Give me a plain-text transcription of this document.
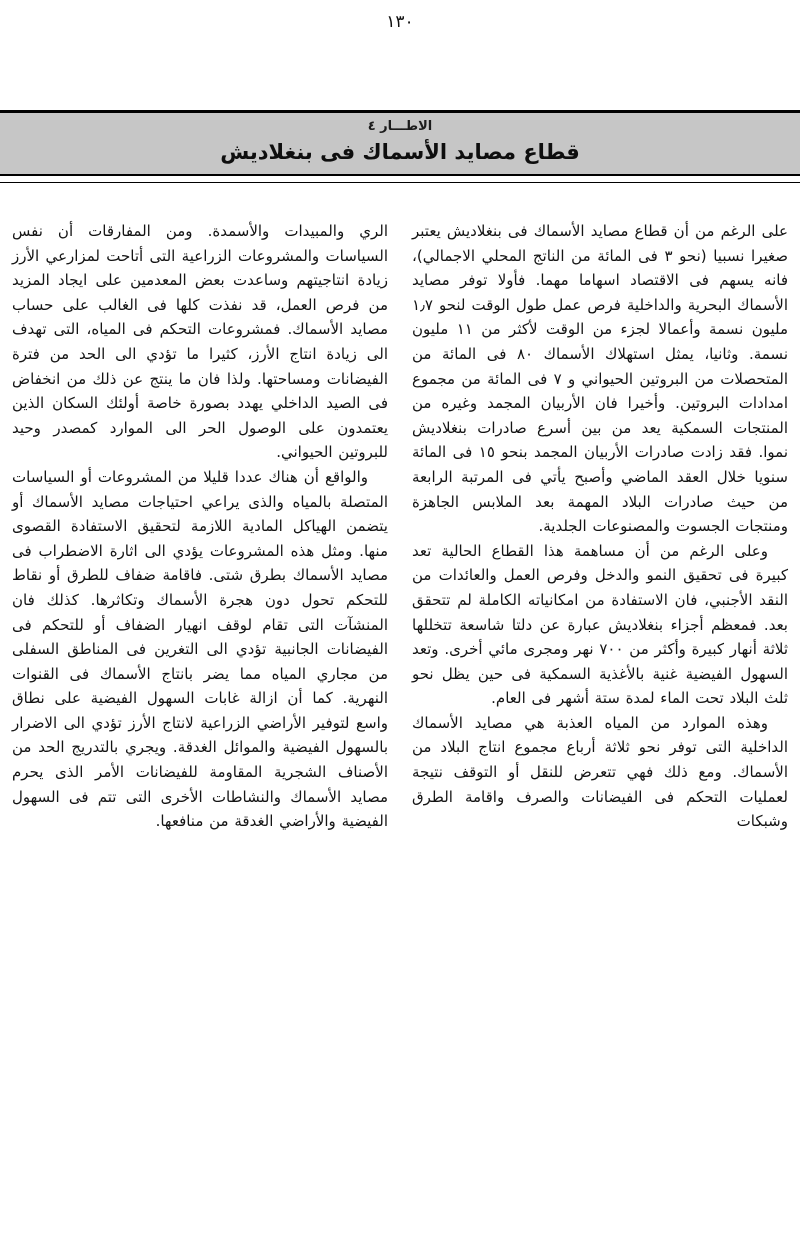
١٣٠
الاطـــار ٤
قطاع مصايد الأسماك فى بنغلاديش

على الرغم من أن قطاع مصايد الأسماك فى بنغلاديش يعتبر صغيرا نسبيا (نحو ٣ فى المائة من الناتج المحلي الاجمالي)، فانه يسهم فى الاقتصاد اسهاما مهما. فأولا توفر مصايد الأسماك البحرية والداخلية فرص عمل طول الوقت لنحو ١٫٧ مليون نسمة وأعمالا لجزء من الوقت لأكثر من ١١ مليون نسمة. وثانيا، يمثل استهلاك الأسماك ٨٠ فى المائة من المتحصلات من البروتين الحيواني و ٧ فى المائة من مجموع امدادات البروتين. وأخيرا فان الأربيان المجمد وغيره من المنتجات السمكية يعد من بين أسرع صادرات بنغلاديش نموا. فقد زادت صادرات الأربيان المجمد بنحو ١٥ فى المائة سنويا خلال العقد الماضي وأصبح يأتي فى المرتبة الرابعة من حيث صادرات البلاد المهمة بعد الملابس الجاهزة ومنتجات الجسوت والمصنوعات الجلدية.

وعلى الرغم من أن مساهمة هذا القطاع الحالية تعد كبيرة فى تحقيق النمو والدخل وفرص العمل والعائدات من النقد الأجنبي، فان الاستفادة من امكانياته الكاملة لم تتحقق بعد. فمعظم أجزاء بنغلاديش عبارة عن دلتا شاسعة تتخللها ثلاثة أنهار كبيرة وأكثر من ٧٠٠ نهر ومجرى مائي أخرى. وتعد السهول الفيضية غنية بالأغذية السمكية فى حين يظل نحو ثلث البلاد تحت الماء لمدة ستة أشهر فى العام.

وهذه الموارد من المياه العذبة هي مصايد الأسماك الداخلية التى توفر نحو ثلاثة أرباع مجموع انتاج البلاد من الأسماك. ومع ذلك فهي تتعرض للنقل أو التوقف نتيجة لعمليات التحكم فى الفيضانات والصرف واقامة الطرق وشبكات

الري والمبيدات والأسمدة. ومن المفارقات أن نفس السياسات والمشروعات الزراعية التى أتاحت لمزارعي الأرز زيادة انتاجيتهم وساعدت بعض المعدمين على ايجاد المزيد من فرص العمل، قد نفذت كلها فى الغالب على حساب مصايد الأسماك. فمشروعات التحكم فى المياه، التى تهدف الى زيادة انتاج الأرز، كثيرا ما تؤدي الى الحد من فترة الفيضانات ومساحتها. ولذا فان ما ينتج عن ذلك من انخفاض فى الصيد الداخلي يهدد بصورة خاصة أولئك السكان الذين يعتمدون على الوصول الحر الى الموارد كمصدر وحيد للبروتين الحيواني.

والواقع أن هناك عددا قليلا من المشروعات أو السياسات المتصلة بالمياه والذى يراعي احتياجات مصايد الأسماك أو يتضمن الهياكل المادية اللازمة لتحقيق الاستفادة القصوى منها. ومثل هذه المشروعات يؤدي الى اثارة الاضطراب فى مصايد الأسماك بطرق شتى. فاقامة ضفاف للطرق أو نقاط للتحكم تحول دون هجرة الأسماك وتكاثرها. كذلك فان المنشآت التى تقام لوقف انهيار الضفاف أو للتحكم فى الفيضانات الجانبية تؤدي الى التغرين فى المناطق السفلى من مجاري المياه مما يضر بانتاج الأسماك فى القنوات النهرية. كما أن ازالة غابات السهول الفيضية على نطاق واسع لتوفير الأراضي الزراعية لانتاج الأرز تؤدي الى الاضرار بالسهول الفيضية والموائل الغدقة. ويجري بالتدريج الحد من الأصناف الشجرية المقاومة للفيضانات الأمر الذى يحرم مصايد الأسماك والنشاطات الأخرى التى تتم فى السهول الفيضية والأراضي الغدقة من منافعها.
